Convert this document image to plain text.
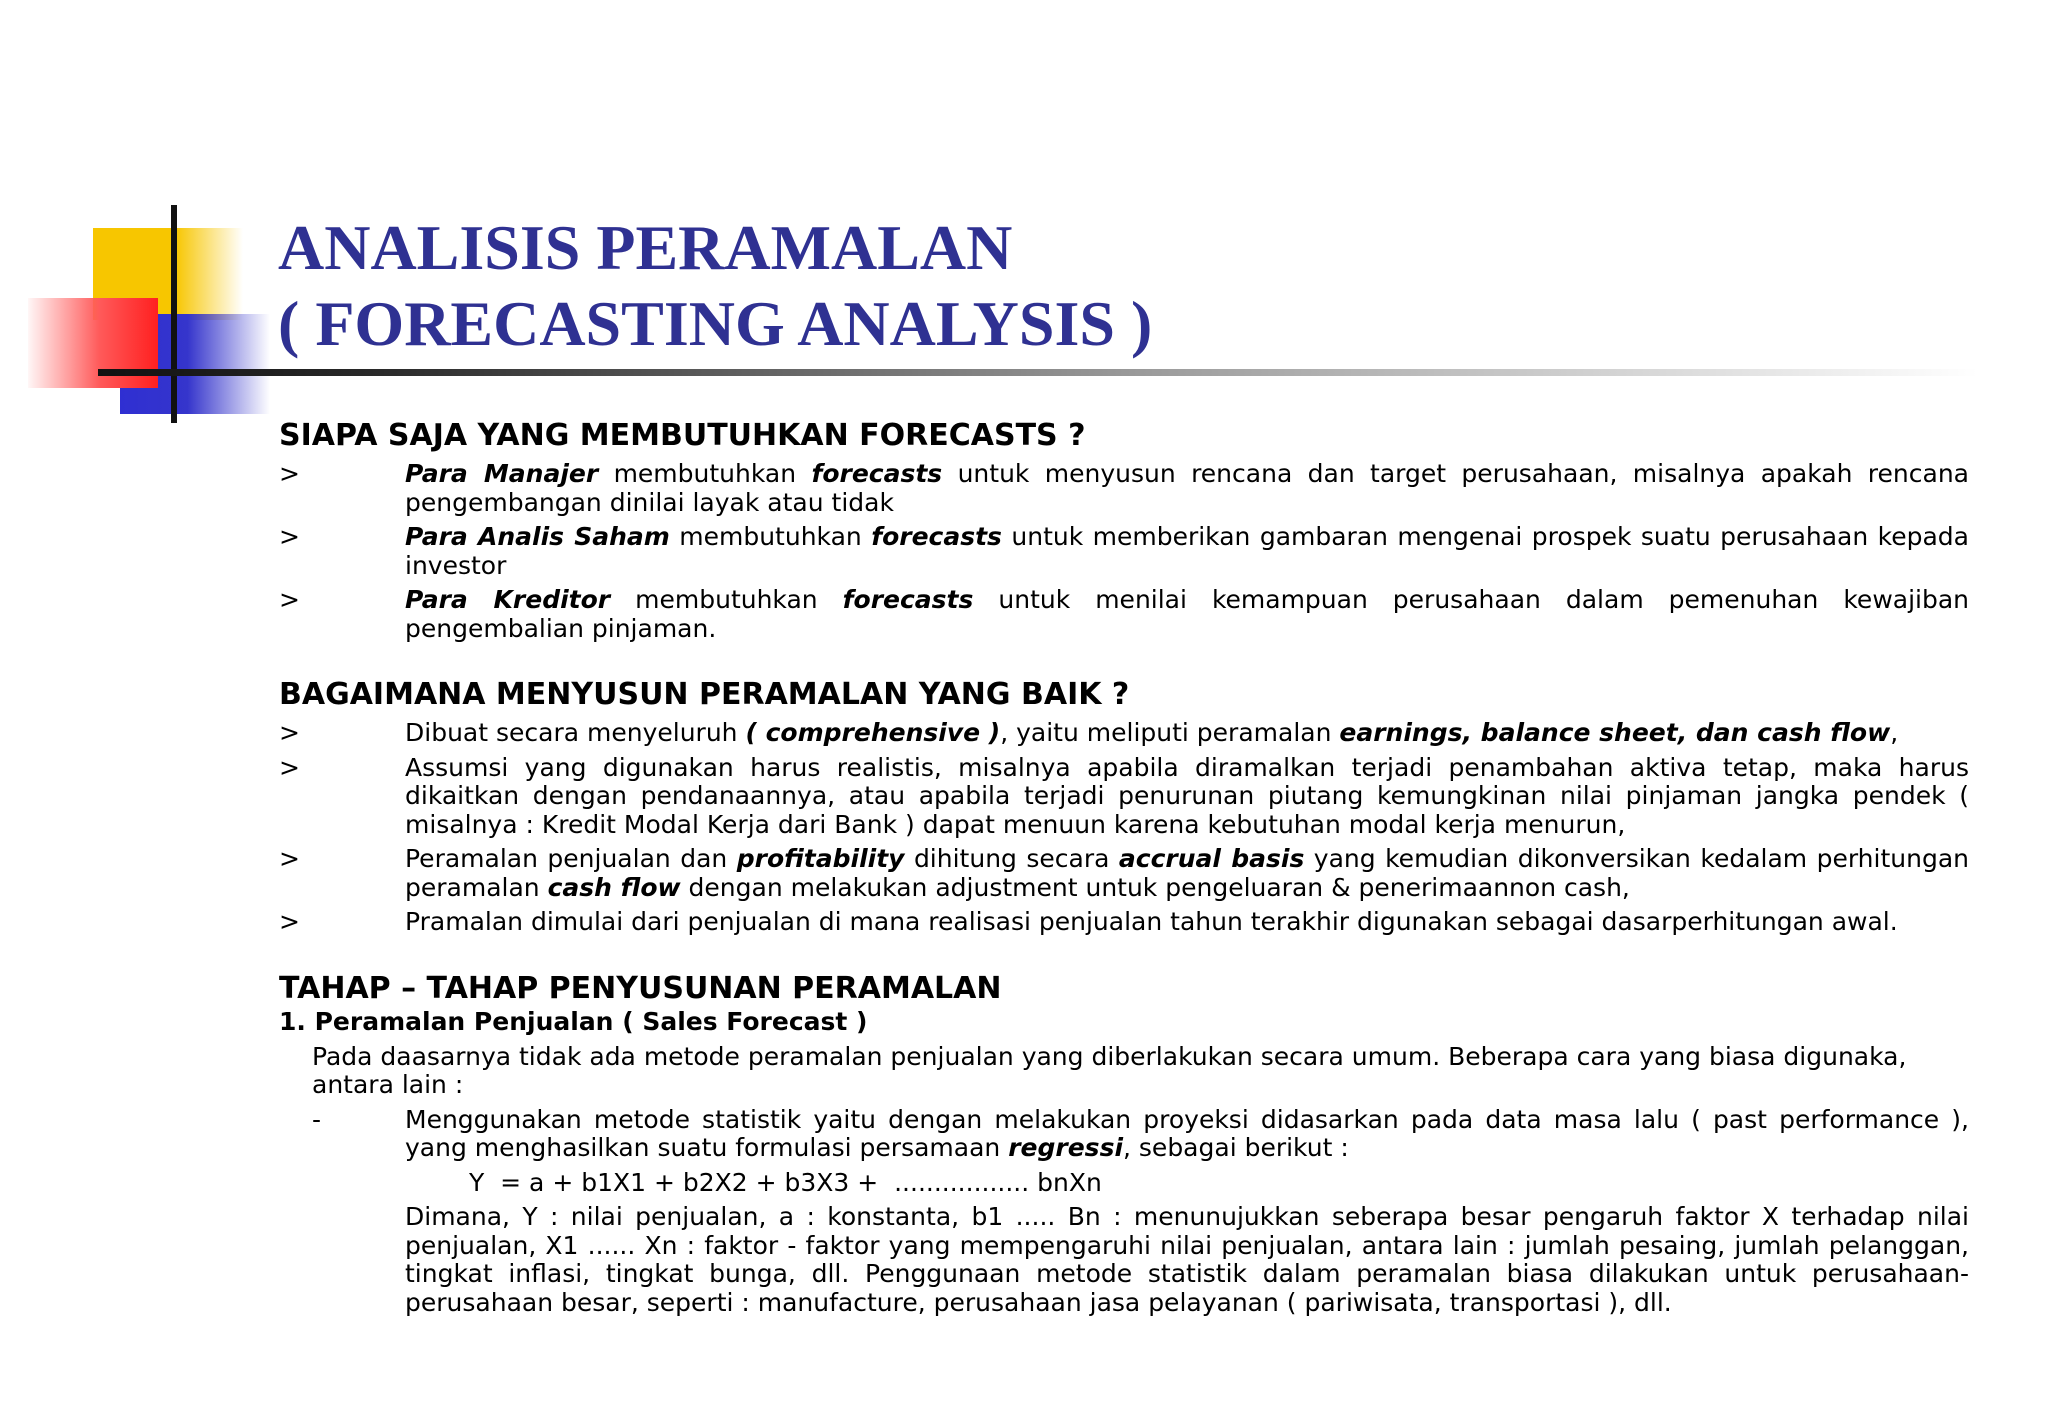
ANALISIS PERAMALAN
( FORECASTING ANALYSIS )
SIAPA SAJA YANG MEMBUTUHKAN FORECASTS ?
>	Para Manajer membutuhkan forecasts untuk menyusun rencana dan target perusahaan, misalnya apakah rencana pengembangan dinilai layak atau tidak
>	Para Analis Saham membutuhkan forecasts untuk memberikan gambaran mengenai prospek suatu perusahaan kepada investor
>	Para Kreditor membutuhkan forecasts untuk menilai kemampuan perusahaan dalam pemenuhan kewajiban pengembalian pinjaman.
BAGAIMANA MENYUSUN PERAMALAN YANG BAIK ?
>	Dibuat secara menyeluruh ( comprehensive ), yaitu meliputi peramalan earnings, balance sheet, dan cash flow,
>	Assumsi yang digunakan harus realistis, misalnya apabila diramalkan terjadi penambahan aktiva tetap, maka harus dikaitkan dengan pendanaannya, atau apabila terjadi penurunan piutang kemungkinan nilai pinjaman jangka pendek ( misalnya : Kredit Modal Kerja dari Bank ) dapat menuun karena kebutuhan modal kerja menurun,
>	Peramalan penjualan dan profitability dihitung secara accrual basis yang kemudian dikonversikan kedalam perhitungan peramalan cash flow dengan melakukan adjustment untuk pengeluaran & penerimaannon cash,
>	Pramalan dimulai dari penjualan di mana realisasi penjualan tahun terakhir digunakan sebagai dasarperhitungan awal.
TAHAP – TAHAP PENYUSUNAN PERAMALAN
1. Peramalan Penjualan ( Sales Forecast )
Pada daasarnya tidak ada metode peramalan penjualan yang diberlakukan secara umum. Beberapa cara yang biasa digunaka, antara lain :
-	Menggunakan metode statistik yaitu dengan melakukan proyeksi didasarkan pada data masa lalu ( past performance ), yang menghasilkan suatu formulasi persamaan regressi, sebagai berikut :
Y  = a + b1X1 + b2X2 + b3X3 +  ................. bnXn
Dimana, Y : nilai penjualan, a : konstanta, b1 ..... Bn : menunujukkan seberapa besar pengaruh faktor X terhadap nilai penjualan, X1 ...... Xn : faktor - faktor yang mempengaruhi nilai penjualan, antara lain : jumlah pesaing, jumlah pelanggan, tingkat inflasi, tingkat bunga, dll. Penggunaan metode statistik dalam peramalan biasa dilakukan untuk perusahaan-perusahaan besar, seperti : manufacture, perusahaan jasa pelayanan ( pariwisata, transportasi ), dll.
